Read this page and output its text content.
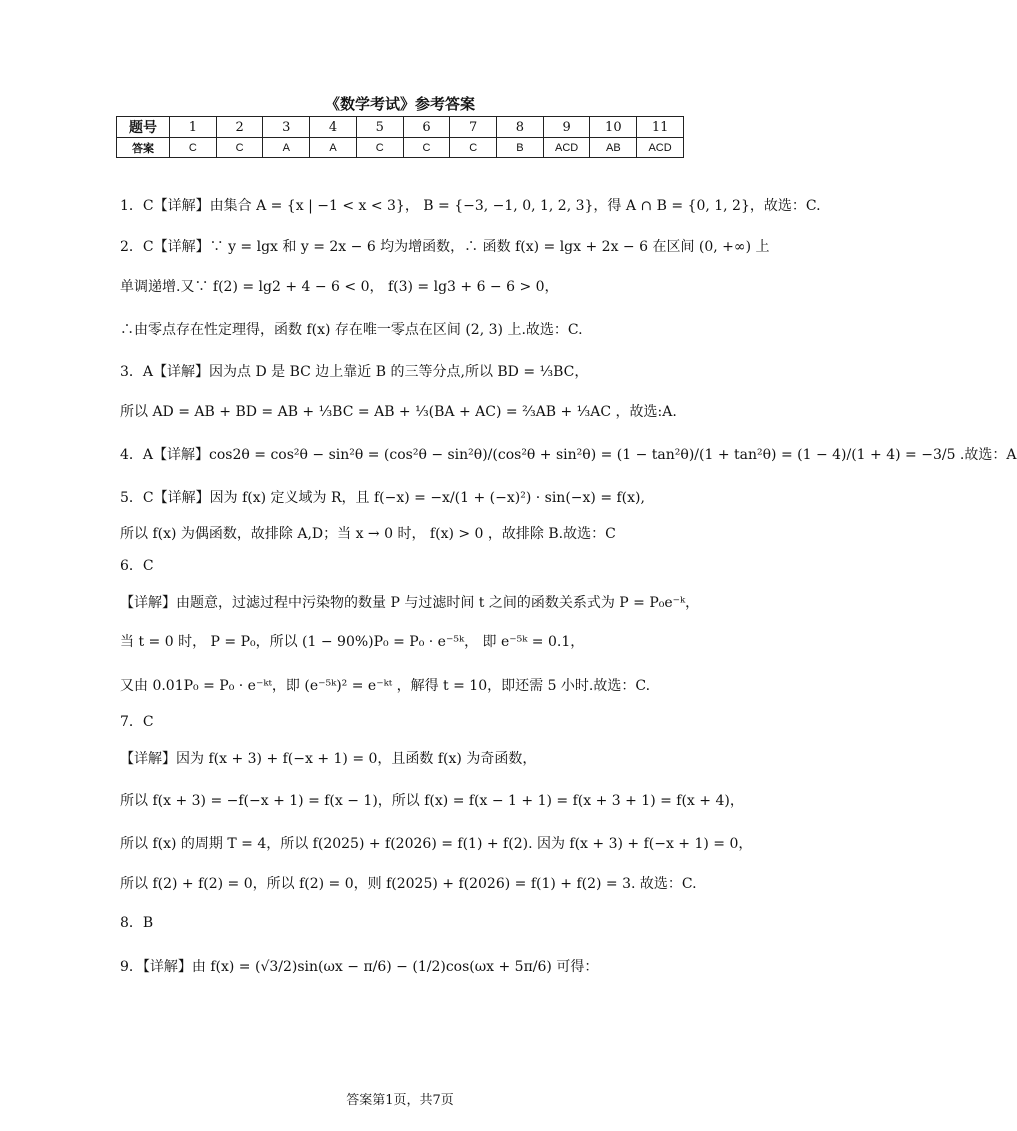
《数学考试》参考答案
题号	1	2	3	4	5	6	7	8	9	10	11
答案	C	C	A	A	C	C	C	B	ACD	AB	ACD
1．C【详解】由集合 A = {x | −1 < x < 3}， B = {−3, −1, 0, 1, 2, 3}，得 A ∩ B = {0, 1, 2}，故选：C.
2．C【详解】∵ y = lgx 和 y = 2x − 6 均为增函数，∴ 函数 f(x) = lgx + 2x − 6 在区间 (0, +∞) 上
单调递增.又∵ f(2) = lg2 + 4 − 6 < 0， f(3) = lg3 + 6 − 6 > 0，
∴由零点存在性定理得，函数 f(x) 存在唯一零点在区间 (2, 3) 上.故选：C.
3．A【详解】因为点 D 是 BC 边上靠近 B 的三等分点,所以 BD = ⅓BC，
所以 AD = AB + BD = AB + ⅓BC = AB + ⅓(BA + AC) = ⅔AB + ⅓AC ，故选:A.
4．A【详解】cos2θ = cos²θ − sin²θ = (cos²θ − sin²θ)/(cos²θ + sin²θ) = (1 − tan²θ)/(1 + tan²θ) = (1 − 4)/(1 + 4) = −3/5 .故选：A
5．C【详解】因为 f(x) 定义域为 R，且 f(−x) = −x/(1 + (−x)²) · sin(−x) = f(x),
所以 f(x) 为偶函数，故排除 A,D；当 x → 0 时， f(x) > 0 ，故排除 B.故选：C
6．C
【详解】由题意，过滤过程中污染物的数量 P 与过滤时间 t 之间的函数关系式为 P = P₀e⁻ᵏ，
当 t = 0 时， P = P₀，所以 (1 − 90%)P₀ = P₀ · e⁻⁵ᵏ， 即 e⁻⁵ᵏ = 0.1，
又由 0.01P₀ = P₀ · e⁻ᵏᵗ，即 (e⁻⁵ᵏ)² = e⁻ᵏᵗ ，解得 t = 10，即还需 5 小时.故选：C.
7．C
【详解】因为 f(x + 3) + f(−x + 1) = 0，且函数 f(x) 为奇函数，
所以 f(x + 3) = −f(−x + 1) = f(x − 1)，所以 f(x) = f(x − 1 + 1) = f(x + 3 + 1) = f(x + 4)，
所以 f(x) 的周期 T = 4，所以 f(2025) + f(2026) = f(1) + f(2). 因为 f(x + 3) + f(−x + 1) = 0，
所以 f(2) + f(2) = 0，所以 f(2) = 0，则 f(2025) + f(2026) = f(1) + f(2) = 3. 故选：C.
8．B
9．【详解】由 f(x) = (√3/2)sin(ωx − π/6) − (1/2)cos(ωx + 5π/6) 可得：
答案第1页，共7页
